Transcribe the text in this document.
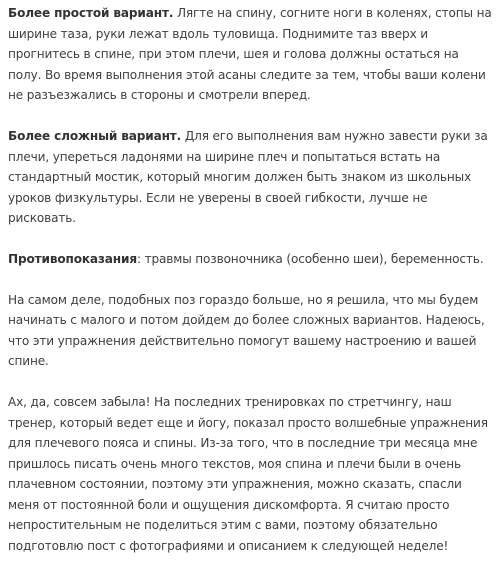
Более простой вариант. Лягте на спину, согните ноги в коленях, стопы на ширине таза, руки лежат вдоль туловища. Поднимите таз вверх и прогнитесь в спине, при этом плечи, шея и голова должны остаться на полу. Во время выполнения этой асаны следите за тем, чтобы ваши колени не разъезжались в стороны и смотрели вперед.

Более сложный вариант. Для его выполнения вам нужно завести руки за плечи, упереться ладонями на ширине плеч и попытаться встать на стандартный мостик, который многим должен быть знаком из школьных уроков физкультуры. Если не уверены в своей гибкости, лучше не рисковать.

Противопоказания: травмы позвоночника (особенно шеи), беременность.

На самом деле, подобных поз гораздо больше, но я решила, что мы будем начинать с малого и потом дойдем до более сложных вариантов. Надеюсь, что эти упражнения действительно помогут вашему настроению и вашей спине.

Ах, да, совсем забыла! На последних тренировках по стретчингу, наш тренер, который ведет еще и йогу, показал просто волшебные упражнения для плечевого пояса и спины. Из-за того, что в последние три месяца мне пришлось писать очень много текстов, моя спина и плечи были в очень плачевном состоянии, поэтому эти упражнения, можно сказать, спасли меня от постоянной боли и ощущения дискомфорта. Я считаю просто непростительным не поделиться этим с вами, поэтому обязательно подготовлю пост с фотографиями и описанием к следующей неделе!
